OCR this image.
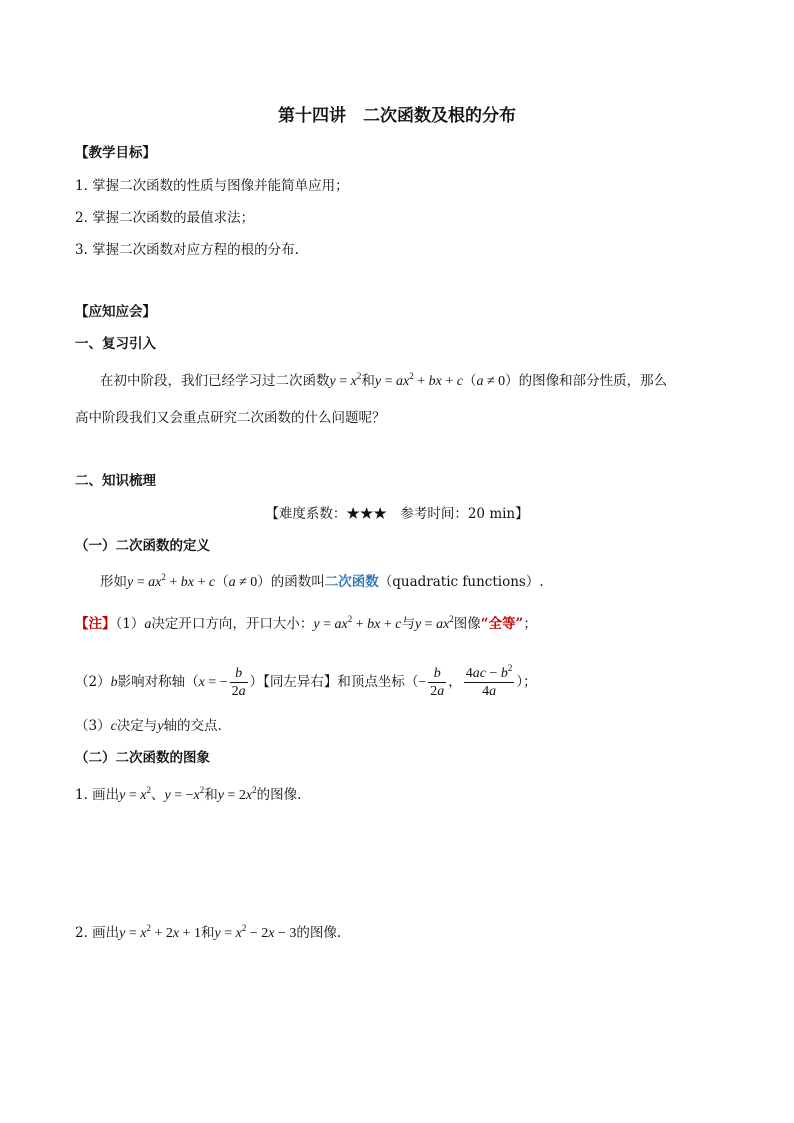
第十四讲　二次函数及根的分布
【教学目标】
1. 掌握二次函数的性质与图像并能简单应用；
2. 掌握二次函数的最值求法；
3. 掌握二次函数对应方程的根的分布.
【应知应会】
一、复习引入
在初中阶段，我们已经学习过二次函数$y = x^2$和$y = ax^2$ + bx + c（a ≠ 0）的图像和部分性质，那么
高中阶段我们又会重点研究二次函数的什么问题呢？
二、知识梳理
【难度系数：★★★　参考时间：20 min】
（一）二次函数的定义
形如$y = ax^2$ + bx + c（a ≠ 0）的函数叫二次函数（quadratic functions）.
【注】（1）a决定开口方向，开口大小：$y = ax^2$ + bx + c与$y = ax^2$图像“全等”；
（2）b影响对称轴（x = − $\frac{b}{2a}$ ）【同左异右】和顶点坐标（− $\frac{b}{2a}$ ， $\frac{4ac - b^2}{4a}$ ）；
（3）c决定与y轴的交点.
（二）二次函数的图象
1. 画出$y = x^2$、$y = -x^2$和$y = 2x^2$的图像.
2. 画出$y = x^2 + 2x + 1$和$y = x^2 - 2x - 3$的图像.
